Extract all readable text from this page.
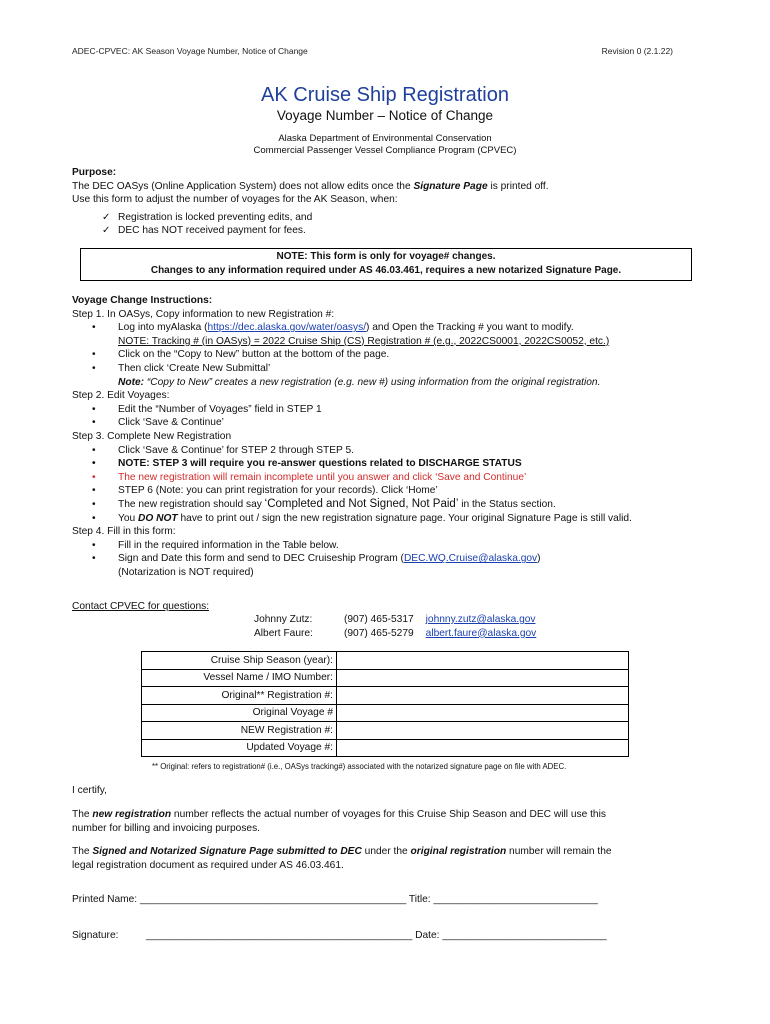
ADEC-CPVEC: AK Season Voyage Number, Notice of Change	Revision 0 (2.1.22)
AK Cruise Ship Registration
Voyage Number – Notice of Change
Alaska Department of Environmental Conservation
Commercial Passenger Vessel Compliance Program (CPVEC)
Purpose:
The DEC OASys (Online Application System) does not allow edits once the Signature Page is printed off.
Use this form to adjust the number of voyages for the AK Season, when:
✓ Registration is locked preventing edits, and
✓ DEC has NOT received payment for fees.
NOTE: This form is only for voyage# changes.
Changes to any information required under AS 46.03.461, requires a new notarized Signature Page.
Voyage Change Instructions:
Step 1. In OASys, Copy information to new Registration #:
• Log into myAlaska (https://dec.alaska.gov/water/oasys/) and Open the Tracking # you want to modify.
NOTE: Tracking # (in OASys) = 2022 Cruise Ship (CS) Registration # (e.g., 2022CS0001, 2022CS0052, etc.)
• Click on the “Copy to New” button at the bottom of the page.
• Then click ‘Create New Submittal’
Note: “Copy to New” creates a new registration (e.g. new #) using information from the original registration.
Step 2. Edit Voyages:
• Edit the “Number of Voyages” field in STEP 1
• Click ‘Save & Continue’
Step 3. Complete New Registration
• Click ‘Save & Continue’ for STEP 2 through STEP 5.
• NOTE: STEP 3 will require you re-answer questions related to DISCHARGE STATUS
• The new registration will remain incomplete until you answer and click ‘Save and Continue’
• STEP 6 (Note: you can print registration for your records). Click ‘Home’
• The new registration should say ‘Completed and Not Signed, Not Paid’ in the Status section.
• You DO NOT have to print out / sign the new registration signature page. Your original Signature Page is still valid.
Step 4. Fill in this form:
• Fill in the required information in the Table below.
• Sign and Date this form and send to DEC Cruiseship Program (DEC.WQ.Cruise@alaska.gov)
(Notarization is NOT required)
Contact CPVEC for questions:
Johnny Zutz:	(907) 465-5317	johnny.zutz@alaska.gov
Albert Faure:	(907) 465-5279	albert.faure@alaska.gov
Cruise Ship Season (year):	
Vessel Name / IMO Number:	
Original** Registration #:	
Original Voyage #	
NEW Registration #:	
Updated Voyage #:	
** Original: refers to registration# (i.e., OASys tracking#) associated with the notarized signature page on file with ADEC.
I certify,
The new registration number reflects the actual number of voyages for this Cruise Ship Season and DEC will use this
number for billing and invoicing purposes.
The Signed and Notarized Signature Page submitted to DEC under the original registration number will remain the
legal registration document as required under AS 46.03.461.
Printed Name: _______________________________________________ Title: _____________________________
Signature:	_______________________________________________ Date: _____________________________
